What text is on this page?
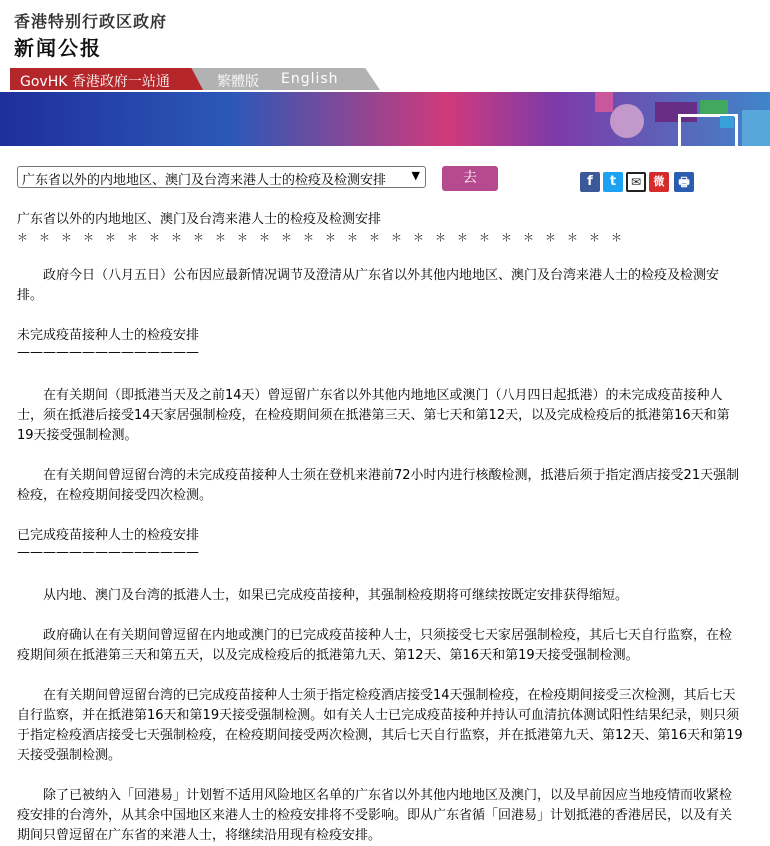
香港特别行政区政府
新闻公报
GovHK 香港政府一站通	繁體版 English
广东省以外的内地地区、澳门及台湾来港人士的检疫及检测安排 ▼	去	f	t	✉	微	🖶

广东省以外的内地地区、澳门及台湾来港人士的检疫及检测安排

＊　＊　＊　＊　＊　＊　＊　＊　＊　＊　＊　＊　＊　＊　＊　＊　＊　＊　＊　＊　＊　＊　＊　＊　＊　＊　＊　＊

　　政府今日（八月五日）公布因应最新情况调节及澄清从广东省以外其他内地地区、澳门及台湾来港人士的检疫及检测安排。

未完成疫苗接种人士的检疫安排

——————————————

　　在有关期间（即抵港当天及之前14天）曾逗留广东省以外其他内地地区或澳门（八月四日起抵港）的未完成疫苗接种人士，须在抵港后接受14天家居强制检疫，在检疫期间须在抵港第三天、第七天和第12天，以及完成检疫后的抵港第16天和第19天接受强制检测。

　　在有关期间曾逗留台湾的未完成疫苗接种人士须在登机来港前72小时内进行核酸检测，抵港后须于指定酒店接受21天强制检疫，在检疫期间接受四次检测。

已完成疫苗接种人士的检疫安排

——————————————

　　从内地、澳门及台湾的抵港人士，如果已完成疫苗接种，其强制检疫期将可继续按既定安排获得缩短。

　　政府确认在有关期间曾逗留在内地或澳门的已完成疫苗接种人士，只须接受七天家居强制检疫，其后七天自行监察，在检疫期间须在抵港第三天和第五天，以及完成检疫后的抵港第九天、第12天、第16天和第19天接受强制检测。

　　在有关期间曾逗留台湾的已完成疫苗接种人士须于指定检疫酒店接受14天强制检疫，在检疫期间接受三次检测，其后七天自行监察，并在抵港第16天和第19天接受强制检测。如有关人士已完成疫苗接种并持认可血清抗体测试阳性结果纪录，则只须于指定检疫酒店接受七天强制检疫，在检疫期间接受两次检测，其后七天自行监察，并在抵港第九天、第12天、第16天和第19天接受强制检测。

　　除了已被纳入「回港易」计划暂不适用风险地区名单的广东省以外其他内地地区及澳门，以及早前因应当地疫情而收紧检疫安排的台湾外，从其余中国地区来港人士的检疫安排将不受影响。即从广东省循「回港易」计划抵港的香港居民，以及有关期间只曾逗留在广东省的来港人士，将继续沿用现有检疫安排。
